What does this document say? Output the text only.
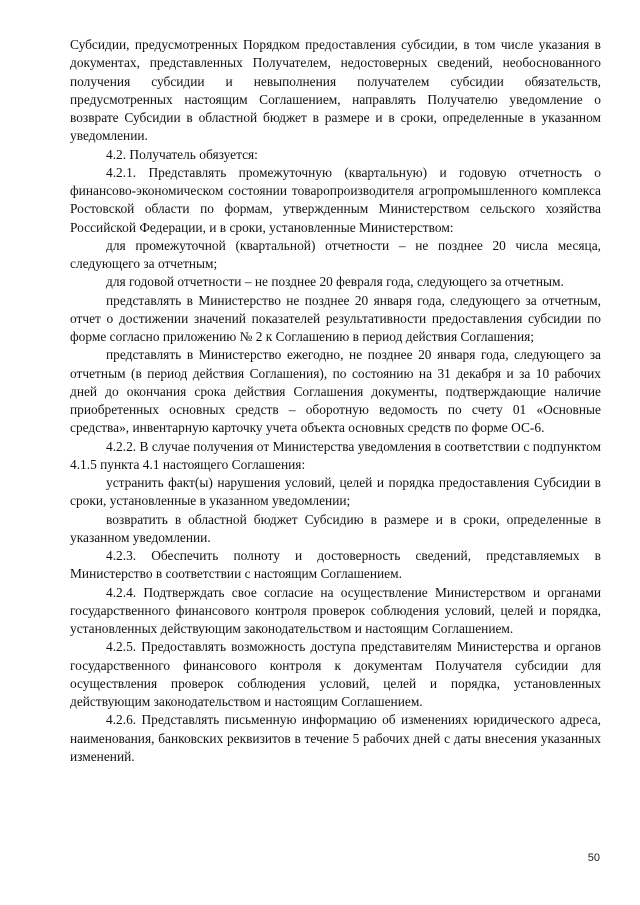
Субсидии, предусмотренных Порядком предоставления субсидии, в том числе указания в документах, представленных Получателем, недостоверных сведений, необоснованного получения субсидии и невыполнения получателем субсидии обязательств, предусмотренных настоящим Соглашением, направлять Получателю уведомление о возврате Субсидии в областной бюджет в размере и в сроки, определенные в указанном уведомлении.

4.2. Получатель обязуется:

4.2.1. Представлять промежуточную (квартальную) и годовую отчетность о финансово-экономическом состоянии товаропроизводителя агропромышленного комплекса Ростовской области по формам, утвержденным Министерством сельского хозяйства Российской Федерации, и в сроки, установленные Министерством:

для промежуточной (квартальной) отчетности – не позднее 20 числа месяца, следующего за отчетным;

для годовой отчетности – не позднее 20 февраля года, следующего за отчетным.

представлять в Министерство не позднее 20 января года, следующего за отчетным, отчет о достижении значений показателей результативности предоставления субсидии по форме согласно приложению № 2 к Соглашению в период действия Соглашения;

представлять в Министерство ежегодно, не позднее 20 января года, следующего за отчетным (в период действия Соглашения), по состоянию на 31 декабря и за 10 рабочих дней до окончания срока действия Соглашения документы, подтверждающие наличие приобретенных основных средств – оборотную ведомость по счету 01 «Основные средства», инвентарную карточку учета объекта основных средств по форме ОС-6.

4.2.2. В случае получения от Министерства уведомления в соответствии с подпунктом 4.1.5 пункта 4.1 настоящего Соглашения:

устранить факт(ы) нарушения условий, целей и порядка предоставления Субсидии в сроки, установленные в указанном уведомлении;

возвратить в областной бюджет Субсидию в размере и в сроки, определенные в указанном уведомлении.

4.2.3. Обеспечить полноту и достоверность сведений, представляемых в Министерство в соответствии с настоящим Соглашением.

4.2.4. Подтверждать свое согласие на осуществление Министерством и органами государственного финансового контроля проверок соблюдения условий, целей и порядка, установленных действующим законодательством и настоящим Соглашением.

4.2.5. Предоставлять возможность доступа представителям Министерства и органов государственного финансового контроля к документам Получателя субсидии для осуществления проверок соблюдения условий, целей и порядка, установленных действующим законодательством и настоящим Соглашением.

4.2.6. Представлять письменную информацию об изменениях юридического адреса, наименования, банковских реквизитов в течение 5 рабочих дней с даты внесения указанных изменений.

50
